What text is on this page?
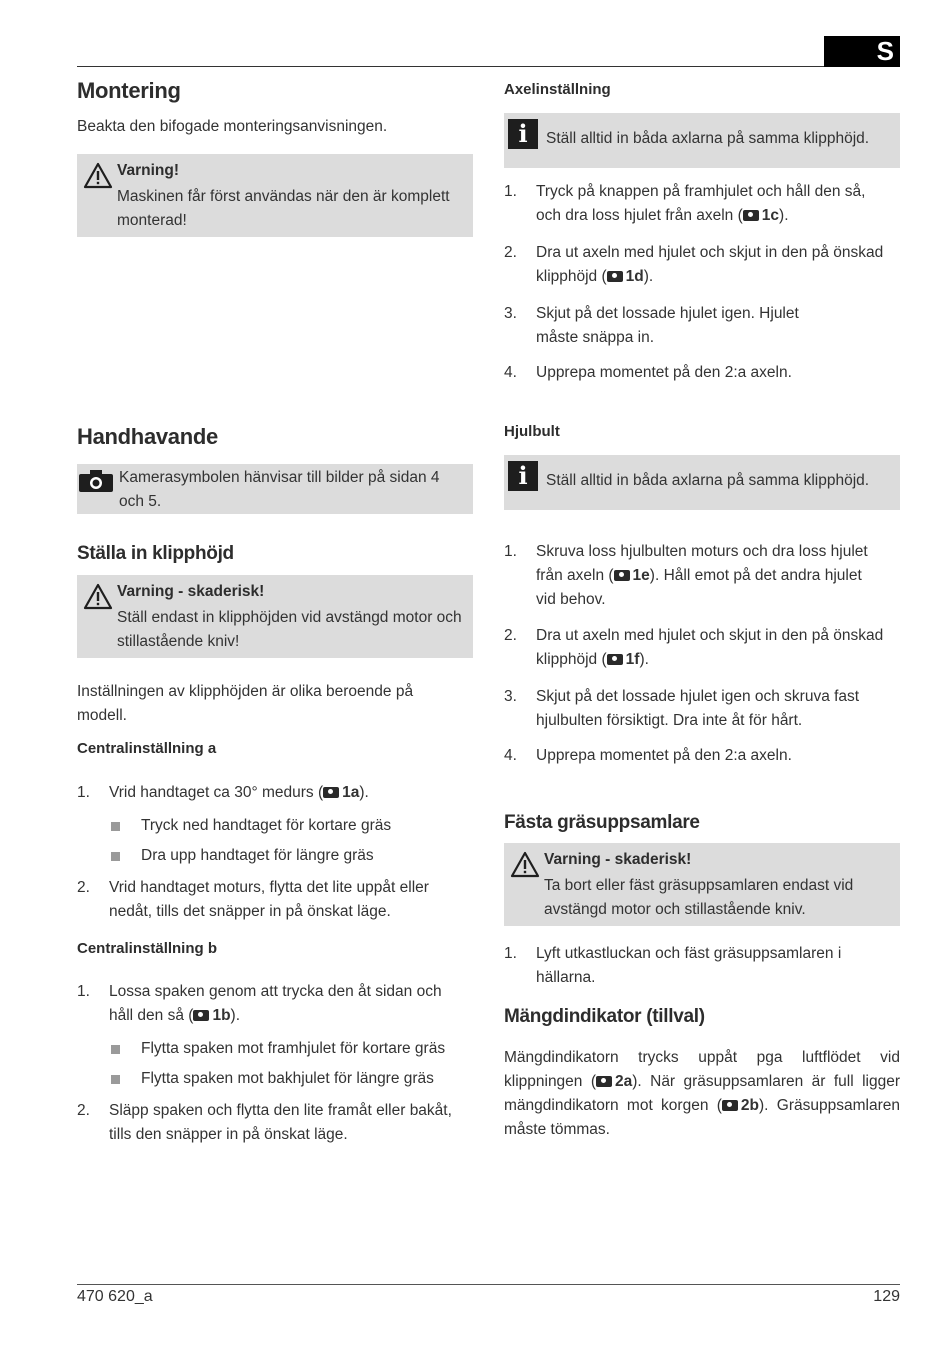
S
Montering

Beakta den bifogade monteringsanvisningen.

Varning!
Maskinen får först användas när den är komplett monterad!
Handhavande
Kamerasymbolen hänvisar till bilder på sidan 4 och 5.
Ställa in klipphöjd
Varning - skaderisk!
Ställ endast in klipphöjden vid avstängd motor och stillastående kniv!

Inställningen av klipphöjden är olika beroende på modell.

Centralinställning a
1. Vrid handtaget ca 30° medurs ( 1a).
Tryck ned handtaget för kortare gräs
Dra upp handtaget för längre gräs
2. Vrid handtaget moturs, flytta det lite uppåt eller nedåt, tills det snäpper in på önskat läge.
Centralinställning b
1. Lossa spaken genom att trycka den åt sidan och håll den så ( 1b).
Flytta spaken mot framhjulet för kortare gräs
Flytta spaken mot bakhjulet för längre gräs
2. Släpp spaken och flytta den lite framåt eller bakåt, tills den snäpper in på önskat läge.
Axelinställning
i	Ställ alltid in båda axlarna på samma klipphöjd.
1. Tryck på knappen på framhjulet och håll den så, och dra loss hjulet från axeln ( 1c).
2. Dra ut axeln med hjulet och skjut in den på önskad klipphöjd ( 1d).
3. Skjut på det lossade hjulet igen. Hjulet måste snäppa in.
4. Upprepa momentet på den 2:a axeln.
Hjulbult
i	Ställ alltid in båda axlarna på samma klipphöjd.
1. Skruva loss hjulbulten moturs och dra loss hjulet från axeln ( 1e). Håll emot på det andra hjulet vid behov.
2. Dra ut axeln med hjulet och skjut in den på önskad klipphöjd ( 1f).
3. Skjut på det lossade hjulet igen och skruva fast hjulbulten försiktigt. Dra inte åt för hårt.
4. Upprepa momentet på den 2:a axeln.
Fästa gräsuppsamlare
Varning - skaderisk!
Ta bort eller fäst gräsuppsamlaren endast vid avstängd motor och stillastående kniv.
1. Lyft utkastluckan och fäst gräsuppsamlaren i hällarna.
Mängdindikator (tillval)

Mängdindikatorn trycks uppåt pga luftflödet vid klippningen ( 2a). När gräsuppsamlaren är full ligger mängdindikatorn mot korgen ( 2b). Gräsuppsamlaren måste tömmas.

470 620_a	129
